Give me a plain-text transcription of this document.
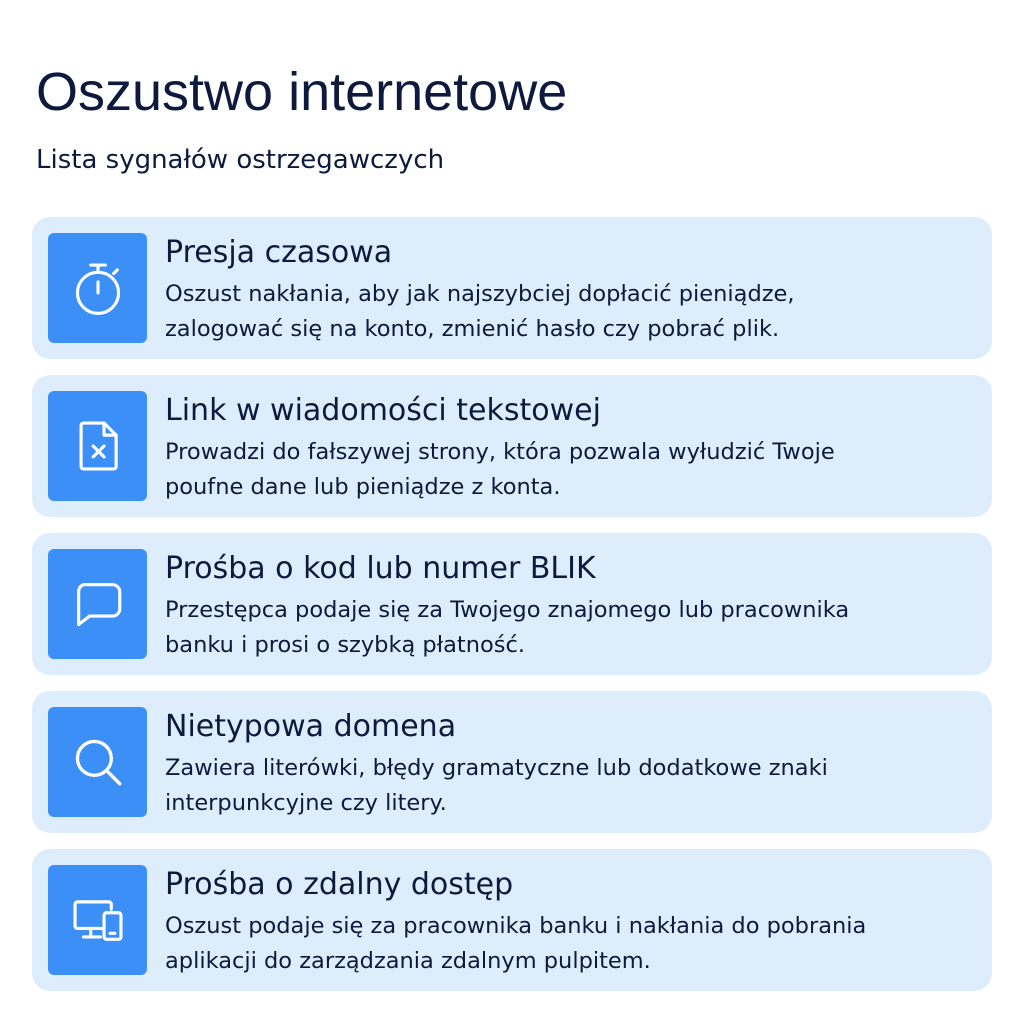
Oszustwo internetowe

Lista sygnałów ostrzegawczych

Presja czasowa

Oszust nakłania, aby jak najszybciej dopłacić pieniądze,
zalogować się na konto, zmienić hasło czy pobrać plik.

Link w wiadomości tekstowej

Prowadzi do fałszywej strony, która pozwala wyłudzić Twoje
poufne dane lub pieniądze z konta.

Prośba o kod lub numer BLIK

Przestępca podaje się za Twojego znajomego lub pracownika
banku i prosi o szybką płatność.

Nietypowa domena

Zawiera literówki, błędy gramatyczne lub dodatkowe znaki
interpunkcyjne czy litery.

Prośba o zdalny dostęp

Oszust podaje się za pracownika banku i nakłania do pobrania
aplikacji do zarządzania zdalnym pulpitem.
